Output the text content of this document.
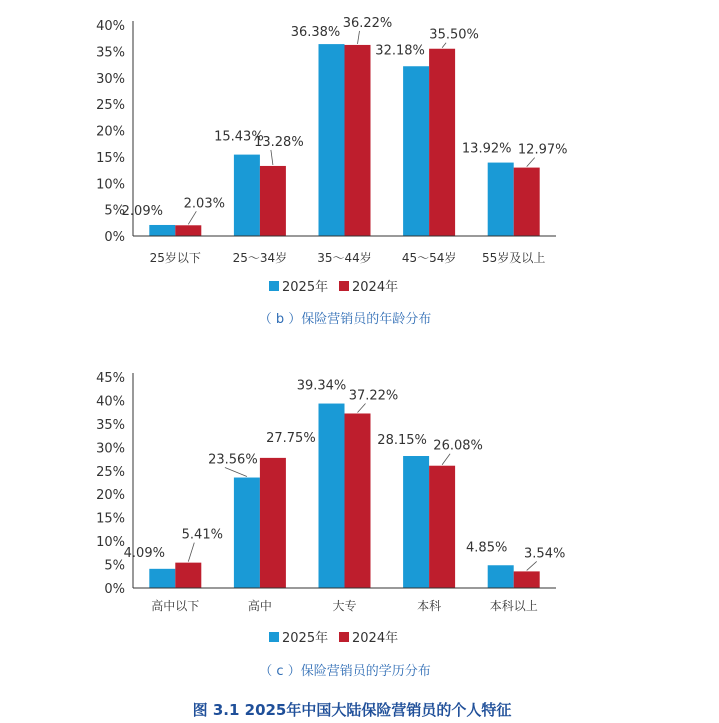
0%
5%
10%
15%
20%
25%
30%
35%
40%
2.09%
2.03%
25岁以下
15.43%
13.28%
25～34岁
36.38%
36.22%
35～44岁
32.18%
35.50%
45～54岁
13.92% 12.97%
55岁及以上
2025年 2024年
（ b ）保险营销员的年龄分布
0%
5%
10%
15%
20%
25%
30%
35%
40%
45%
4.09%
5.41%
高中以下
23.56%
27.75%
高中
39.34%
37.22%
大专
28.15% 26.08%
本科
4.85% 3.54%
本科以上
2025年 2024年
（ c ）保险营销员的学历分布
图 3.1 2025年中国大陆保险营销员的个人特征
